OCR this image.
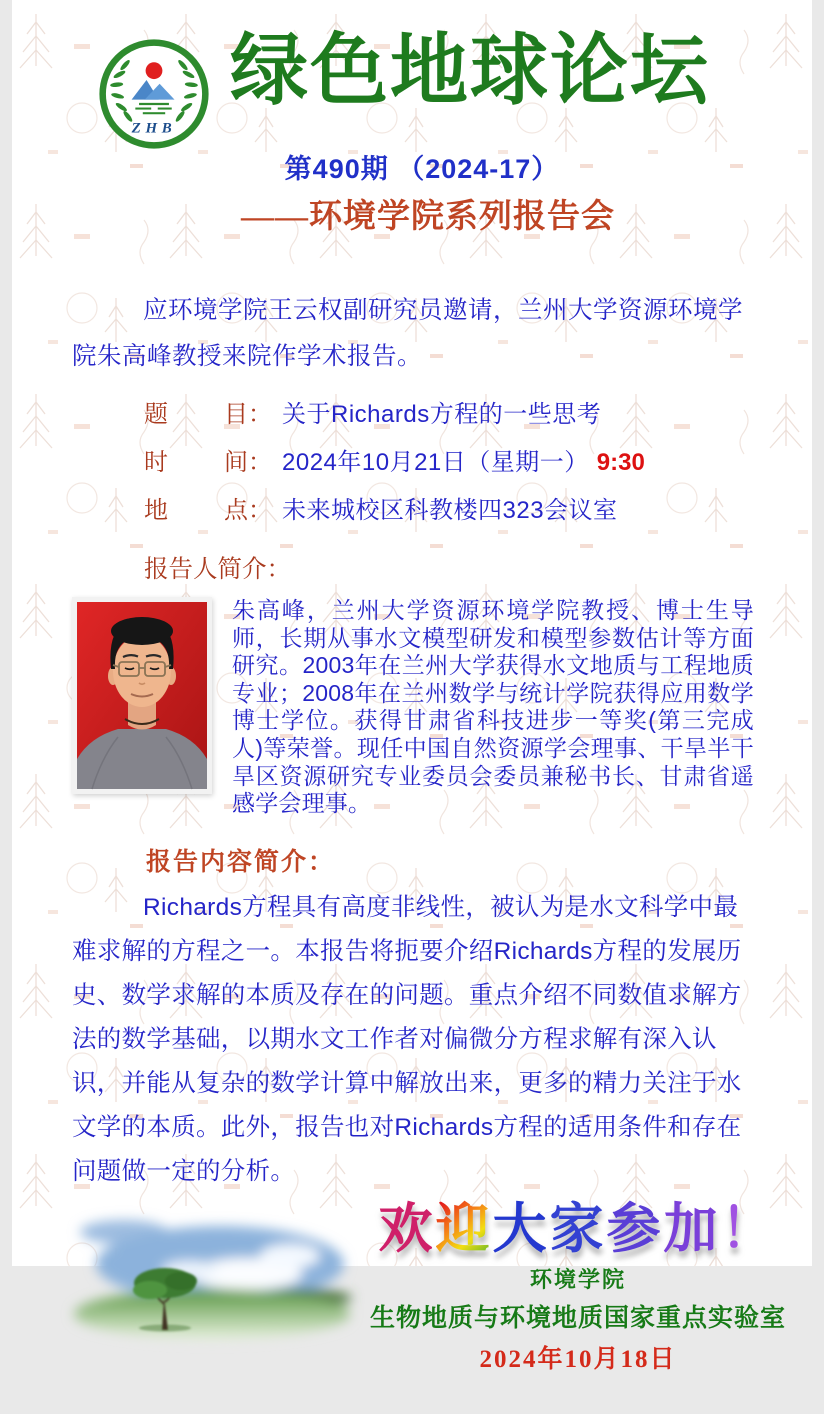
ZHB
绿色地球论坛
第490期 （2024-17）
——环境学院系列报告会

应环境学院王云权副研究员邀请，兰州大学资源环境学院朱高峰教授来院作学术报告。

题 目： 关于Richards方程的一些思考
时 间： 2024年10月21日（星期一） 9:30
地 点： 未来城校区科教楼四323会议室
报告人简介：
朱高峰，兰州大学资源环境学院教授、博士生导师，长期从事水文模型研发和模型参数估计等方面研究。2003年在兰州大学获得水文地质与工程地质专业；2008年在兰州数学与统计学院获得应用数学博士学位。获得甘肃省科技进步一等奖(第三完成人)等荣誉。现任中国自然资源学会理事、干旱半干旱区资源研究专业委员会委员兼秘书长、甘肃省遥感学会理事。
报告内容简介：

Richards方程具有高度非线性，被认为是水文科学中最难求解的方程之一。本报告将扼要介绍Richards方程的发展历史、数学求解的本质及存在的问题。重点介绍不同数值求解方法的数学基础，以期水文工作者对偏微分方程求解有深入认识，并能从复杂的数学计算中解放出来，更多的精力关注于水文学的本质。此外，报告也对Richards方程的适用条件和存在问题做一定的分析。

欢迎大家参加！
环境学院
生物地质与环境地质国家重点实验室
2024年10月18日
